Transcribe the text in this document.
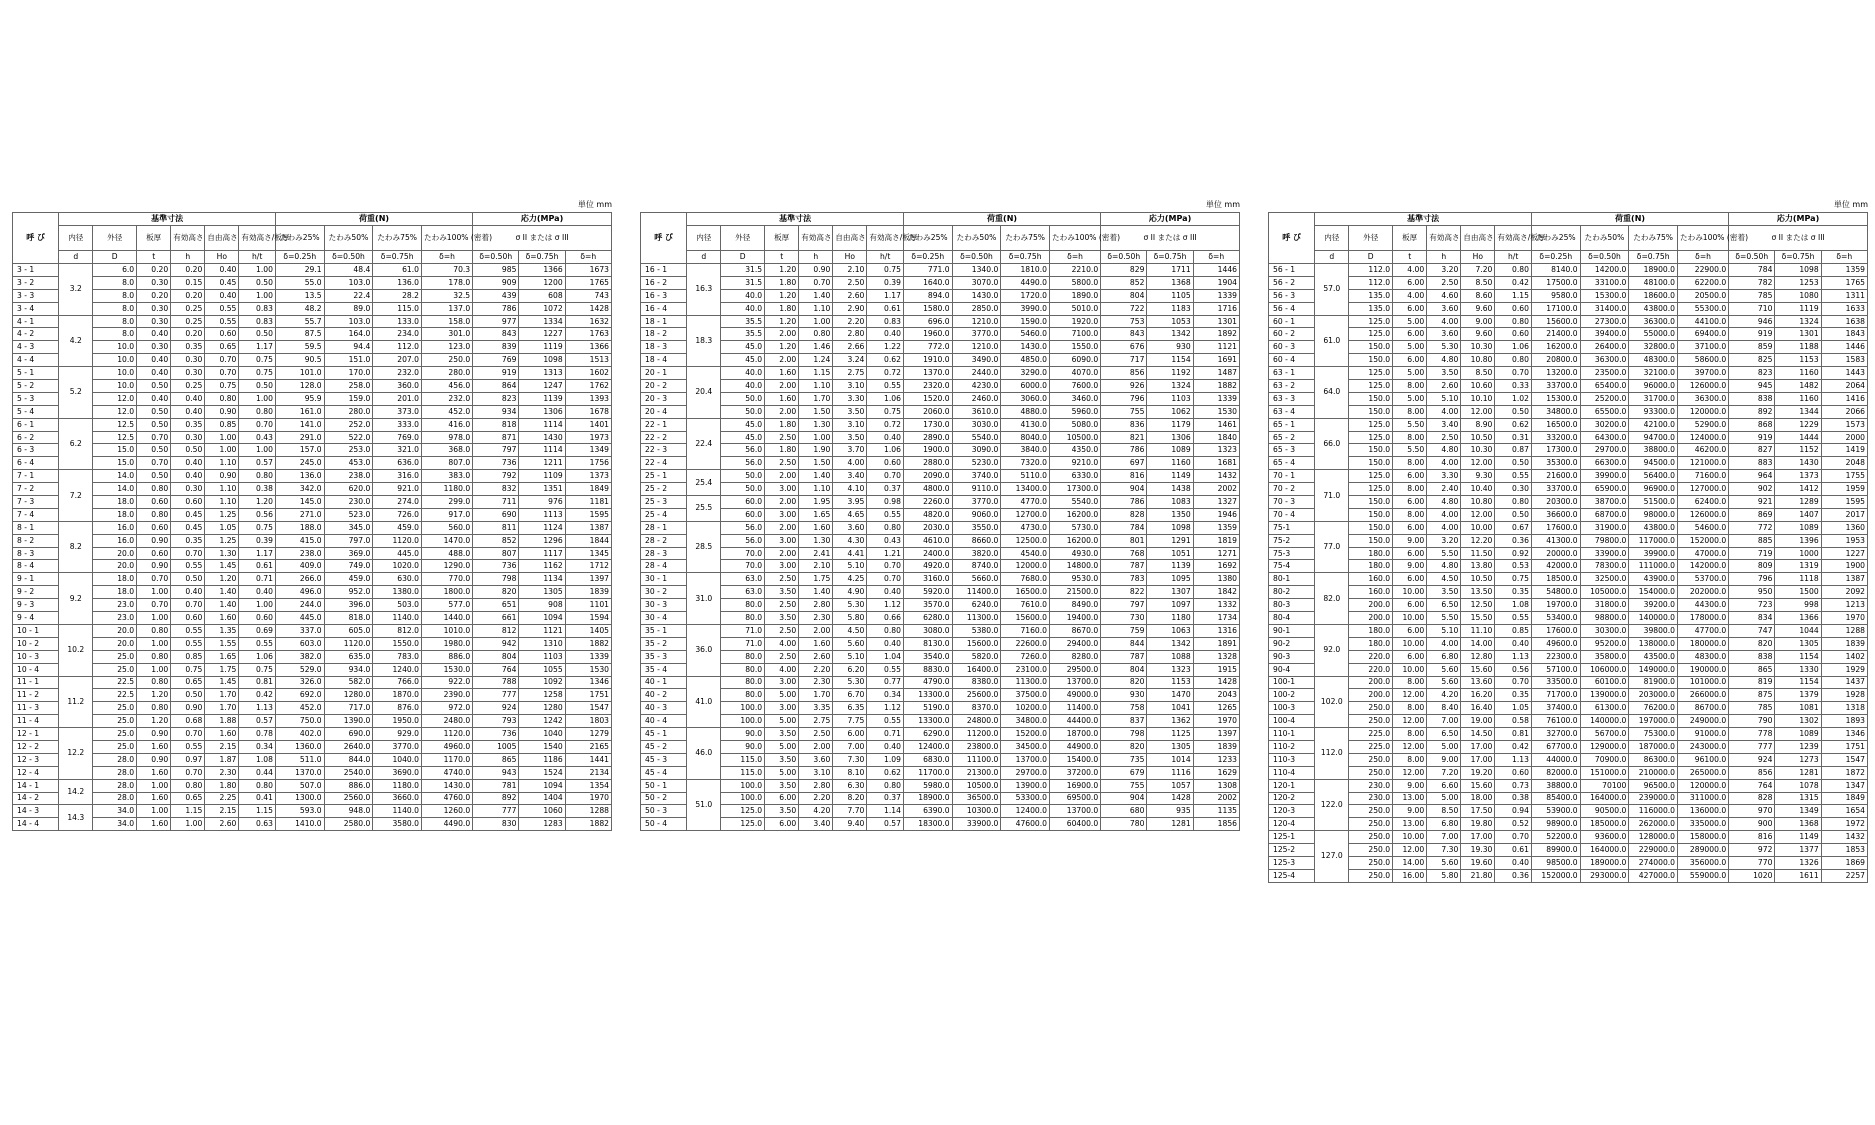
単位 mm
呼 び	基準寸法						荷重(N)				応力(MPa)		
	内径	外径	板厚	有効高さ	自由高さ	有効高さ/板厚	たわみ25%	たわみ50%	たわみ75%	たわみ100% (密着)	σ II または σ III		
	d	D	t	h	Ho	h/t	δ=0.25h	δ=0.50h	δ=0.75h	δ=h	δ=0.50h	δ=0.75h	δ=h
3 - 1	3.2	6.0	0.20	0.20	0.40	1.00	29.1	48.4	61.0	70.3	985	1366	1673
3 - 2		8.0	0.30	0.15	0.45	0.50	55.0	103.0	136.0	178.0	909	1200	1765
3 - 3		8.0	0.20	0.20	0.40	1.00	13.5	22.4	28.2	32.5	439	608	743
3 - 4		8.0	0.30	0.25	0.55	0.83	48.2	89.0	115.0	137.0	786	1072	1428
4 - 1	4.2	8.0	0.30	0.25	0.55	0.83	55.7	103.0	133.0	158.0	977	1334	1632
4 - 2		8.0	0.40	0.20	0.60	0.50	87.5	164.0	234.0	301.0	843	1227	1763
4 - 3		10.0	0.30	0.35	0.65	1.17	59.5	94.4	112.0	123.0	839	1119	1366
4 - 4		10.0	0.40	0.30	0.70	0.75	90.5	151.0	207.0	250.0	769	1098	1513
5 - 1	5.2	10.0	0.40	0.30	0.70	0.75	101.0	170.0	232.0	280.0	919	1313	1602
5 - 2		10.0	0.50	0.25	0.75	0.50	128.0	258.0	360.0	456.0	864	1247	1762
5 - 3		12.0	0.40	0.40	0.80	1.00	95.9	159.0	201.0	232.0	823	1139	1393
5 - 4		12.0	0.50	0.40	0.90	0.80	161.0	280.0	373.0	452.0	934	1306	1678
6 - 1	6.2	12.5	0.50	0.35	0.85	0.70	141.0	252.0	333.0	416.0	818	1114	1401
6 - 2		12.5	0.70	0.30	1.00	0.43	291.0	522.0	769.0	978.0	871	1430	1973
6 - 3		15.0	0.50	0.50	1.00	1.00	157.0	253.0	321.0	368.0	797	1114	1349
6 - 4		15.0	0.70	0.40	1.10	0.57	245.0	453.0	636.0	807.0	736	1211	1756
7 - 1	7.2	14.0	0.50	0.40	0.90	0.80	136.0	238.0	316.0	383.0	792	1109	1373
7 - 2		14.0	0.80	0.30	1.10	0.38	342.0	620.0	921.0	1180.0	832	1351	1849
7 - 3		18.0	0.60	0.60	1.10	1.20	145.0	230.0	274.0	299.0	711	976	1181
7 - 4		18.0	0.80	0.45	1.25	0.56	271.0	523.0	726.0	917.0	690	1113	1595
8 - 1	8.2	16.0	0.60	0.45	1.05	0.75	188.0	345.0	459.0	560.0	811	1124	1387
8 - 2		16.0	0.90	0.35	1.25	0.39	415.0	797.0	1120.0	1470.0	852	1296	1844
8 - 3		20.0	0.60	0.70	1.30	1.17	238.0	369.0	445.0	488.0	807	1117	1345
8 - 4		20.0	0.90	0.55	1.45	0.61	409.0	749.0	1020.0	1290.0	736	1162	1712
9 - 1	9.2	18.0	0.70	0.50	1.20	0.71	266.0	459.0	630.0	770.0	798	1134	1397
9 - 2		18.0	1.00	0.40	1.40	0.40	496.0	952.0	1380.0	1800.0	820	1305	1839
9 - 3		23.0	0.70	0.70	1.40	1.00	244.0	396.0	503.0	577.0	651	908	1101
9 - 4		23.0	1.00	0.60	1.60	0.60	445.0	818.0	1140.0	1440.0	661	1094	1594
10 - 1	10.2	20.0	0.80	0.55	1.35	0.69	337.0	605.0	812.0	1010.0	812	1121	1405
10 - 2		20.0	1.00	0.55	1.55	0.55	603.0	1120.0	1550.0	1980.0	942	1310	1882
10 - 3		25.0	0.80	0.85	1.65	1.06	382.0	635.0	783.0	886.0	804	1103	1339
10 - 4		25.0	1.00	0.75	1.75	0.75	529.0	934.0	1240.0	1530.0	764	1055	1530
11 - 1	11.2	22.5	0.80	0.65	1.45	0.81	326.0	582.0	766.0	922.0	788	1092	1346
11 - 2		22.5	1.20	0.50	1.70	0.42	692.0	1280.0	1870.0	2390.0	777	1258	1751
11 - 3		25.0	0.80	0.90	1.70	1.13	452.0	717.0	876.0	972.0	924	1280	1547
11 - 4		25.0	1.20	0.68	1.88	0.57	750.0	1390.0	1950.0	2480.0	793	1242	1803
12 - 1	12.2	25.0	0.90	0.70	1.60	0.78	402.0	690.0	929.0	1120.0	736	1040	1279
12 - 2		25.0	1.60	0.55	2.15	0.34	1360.0	2640.0	3770.0	4960.0	1005	1540	2165
12 - 3		28.0	0.90	0.97	1.87	1.08	511.0	844.0	1040.0	1170.0	865	1186	1441
12 - 4		28.0	1.60	0.70	2.30	0.44	1370.0	2540.0	3690.0	4740.0	943	1524	2134
14 - 1	14.2	28.0	1.00	0.80	1.80	0.80	507.0	886.0	1180.0	1430.0	781	1094	1354
14 - 2		28.0	1.60	0.65	2.25	0.41	1300.0	2560.0	3660.0	4760.0	892	1404	1970
14 - 3	14.3	34.0	1.00	1.15	2.15	1.15	593.0	948.0	1140.0	1260.0	777	1060	1288
14 - 4		34.0	1.60	1.00	2.60	0.63	1410.0	2580.0	3580.0	4490.0	830	1283	1882
単位 mm
呼 び	基準寸法						荷重(N)				応力(MPa)		
	内径	外径	板厚	有効高さ	自由高さ	有効高さ/板厚	たわみ25%	たわみ50%	たわみ75%	たわみ100% (密着)	σ II または σ III		
	d	D	t	h	Ho	h/t	δ=0.25h	δ=0.50h	δ=0.75h	δ=h	δ=0.50h	δ=0.75h	δ=h
16 - 1	16.3	31.5	1.20	0.90	2.10	0.75	771.0	1340.0	1810.0	2210.0	829	1711	1446
16 - 2		31.5	1.80	0.70	2.50	0.39	1640.0	3070.0	4490.0	5800.0	852	1368	1904
16 - 3		40.0	1.20	1.40	2.60	1.17	894.0	1430.0	1720.0	1890.0	804	1105	1339
16 - 4		40.0	1.80	1.10	2.90	0.61	1580.0	2850.0	3990.0	5010.0	722	1183	1716
18 - 1	18.3	35.5	1.20	1.00	2.20	0.83	696.0	1210.0	1590.0	1920.0	753	1053	1301
18 - 2		35.5	2.00	0.80	2.80	0.40	1960.0	3770.0	5460.0	7100.0	843	1342	1892
18 - 3		45.0	1.20	1.46	2.66	1.22	772.0	1210.0	1430.0	1550.0	676	930	1121
18 - 4		45.0	2.00	1.24	3.24	0.62	1910.0	3490.0	4850.0	6090.0	717	1154	1691
20 - 1	20.4	40.0	1.60	1.15	2.75	0.72	1370.0	2440.0	3290.0	4070.0	856	1192	1487
20 - 2		40.0	2.00	1.10	3.10	0.55	2320.0	4230.0	6000.0	7600.0	926	1324	1882
20 - 3		50.0	1.60	1.70	3.30	1.06	1520.0	2460.0	3060.0	3460.0	796	1103	1339
20 - 4		50.0	2.00	1.50	3.50	0.75	2060.0	3610.0	4880.0	5960.0	755	1062	1530
22 - 1	22.4	45.0	1.80	1.30	3.10	0.72	1730.0	3030.0	4130.0	5080.0	836	1179	1461
22 - 2		45.0	2.50	1.00	3.50	0.40	2890.0	5540.0	8040.0	10500.0	821	1306	1840
22 - 3		56.0	1.80	1.90	3.70	1.06	1900.0	3090.0	3840.0	4350.0	786	1089	1323
22 - 4		56.0	2.50	1.50	4.00	0.60	2880.0	5230.0	7320.0	9210.0	697	1160	1681
25 - 1	25.4	50.0	2.00	1.40	3.40	0.70	2090.0	3740.0	5110.0	6330.0	816	1149	1432
25 - 2		50.0	3.00	1.10	4.10	0.37	4800.0	9110.0	13400.0	17300.0	904	1438	2002
25 - 3	25.5	60.0	2.00	1.95	3.95	0.98	2260.0	3770.0	4770.0	5540.0	786	1083	1327
25 - 4		60.0	3.00	1.65	4.65	0.55	4820.0	9060.0	12700.0	16200.0	828	1350	1946
28 - 1	28.5	56.0	2.00	1.60	3.60	0.80	2030.0	3550.0	4730.0	5730.0	784	1098	1359
28 - 2		56.0	3.00	1.30	4.30	0.43	4610.0	8660.0	12500.0	16200.0	801	1291	1819
28 - 3		70.0	2.00	2.41	4.41	1.21	2400.0	3820.0	4540.0	4930.0	768	1051	1271
28 - 4		70.0	3.00	2.10	5.10	0.70	4920.0	8740.0	12000.0	14800.0	787	1139	1692
30 - 1	31.0	63.0	2.50	1.75	4.25	0.70	3160.0	5660.0	7680.0	9530.0	783	1095	1380
30 - 2		63.0	3.50	1.40	4.90	0.40	5920.0	11400.0	16500.0	21500.0	822	1307	1842
30 - 3		80.0	2.50	2.80	5.30	1.12	3570.0	6240.0	7610.0	8490.0	797	1097	1332
30 - 4		80.0	3.50	2.30	5.80	0.66	6280.0	11300.0	15600.0	19400.0	730	1180	1734
35 - 1	36.0	71.0	2.50	2.00	4.50	0.80	3080.0	5380.0	7160.0	8670.0	759	1063	1316
35 - 2		71.0	4.00	1.60	5.60	0.40	8130.0	15600.0	22600.0	29400.0	844	1342	1891
35 - 3		80.0	2.50	2.60	5.10	1.04	3540.0	5820.0	7260.0	8280.0	787	1088	1328
35 - 4		80.0	4.00	2.20	6.20	0.55	8830.0	16400.0	23100.0	29500.0	804	1323	1915
40 - 1	41.0	80.0	3.00	2.30	5.30	0.77	4790.0	8380.0	11300.0	13700.0	820	1153	1428
40 - 2		80.0	5.00	1.70	6.70	0.34	13300.0	25600.0	37500.0	49000.0	930	1470	2043
40 - 3		100.0	3.00	3.35	6.35	1.12	5190.0	8370.0	10200.0	11400.0	758	1041	1265
40 - 4		100.0	5.00	2.75	7.75	0.55	13300.0	24800.0	34800.0	44400.0	837	1362	1970
45 - 1	46.0	90.0	3.50	2.50	6.00	0.71	6290.0	11200.0	15200.0	18700.0	798	1125	1397
45 - 2		90.0	5.00	2.00	7.00	0.40	12400.0	23800.0	34500.0	44900.0	820	1305	1839
45 - 3		115.0	3.50	3.60	7.30	1.09	6830.0	11100.0	13700.0	15400.0	735	1014	1233
45 - 4		115.0	5.00	3.10	8.10	0.62	11700.0	21300.0	29700.0	37200.0	679	1116	1629
50 - 1	51.0	100.0	3.50	2.80	6.30	0.80	5980.0	10500.0	13900.0	16900.0	755	1057	1308
50 - 2		100.0	6.00	2.20	8.20	0.37	18900.0	36500.0	53300.0	69500.0	904	1428	2002
50 - 3		125.0	3.50	4.20	7.70	1.14	6390.0	10300.0	12400.0	13700.0	680	935	1135
50 - 4		125.0	6.00	3.40	9.40	0.57	18300.0	33900.0	47600.0	60400.0	780	1281	1856
単位 mm
呼 び	基準寸法						荷重(N)				応力(MPa)		
	内径	外径	板厚	有効高さ	自由高さ	有効高さ/板厚	たわみ25%	たわみ50%	たわみ75%	たわみ100% (密着)	σ II または σ III		
	d	D	t	h	Ho	h/t	δ=0.25h	δ=0.50h	δ=0.75h	δ=h	δ=0.50h	δ=0.75h	δ=h
56 - 1	57.0	112.0	4.00	3.20	7.20	0.80	8140.0	14200.0	18900.0	22900.0	784	1098	1359
56 - 2		112.0	6.00	2.50	8.50	0.42	17500.0	33100.0	48100.0	62200.0	782	1253	1765
56 - 3		135.0	4.00	4.60	8.60	1.15	9580.0	15300.0	18600.0	20500.0	785	1080	1311
56 - 4		135.0	6.00	3.60	9.60	0.60	17100.0	31400.0	43800.0	55300.0	710	1119	1633
60 - 1	61.0	125.0	5.00	4.00	9.00	0.80	15600.0	27300.0	36300.0	44100.0	946	1324	1638
60 - 2		125.0	6.00	3.60	9.60	0.60	21400.0	39400.0	55000.0	69400.0	919	1301	1843
60 - 3		150.0	5.00	5.30	10.30	1.06	16200.0	26400.0	32800.0	37100.0	859	1188	1446
60 - 4		150.0	6.00	4.80	10.80	0.80	20800.0	36300.0	48300.0	58600.0	825	1153	1583
63 - 1	64.0	125.0	5.00	3.50	8.50	0.70	13200.0	23500.0	32100.0	39700.0	823	1160	1443
63 - 2		125.0	8.00	2.60	10.60	0.33	33700.0	65400.0	96000.0	126000.0	945	1482	2064
63 - 3		150.0	5.00	5.10	10.10	1.02	15300.0	25200.0	31700.0	36300.0	838	1160	1416
63 - 4		150.0	8.00	4.00	12.00	0.50	34800.0	65500.0	93300.0	120000.0	892	1344	2066
65 - 1	66.0	125.0	5.50	3.40	8.90	0.62	16500.0	30200.0	42100.0	52900.0	868	1229	1573
65 - 2		125.0	8.00	2.50	10.50	0.31	33200.0	64300.0	94700.0	124000.0	919	1444	2000
65 - 3		150.0	5.50	4.80	10.30	0.87	17300.0	29700.0	38800.0	46200.0	827	1152	1419
65 - 4		150.0	8.00	4.00	12.00	0.50	35300.0	66300.0	94500.0	121000.0	883	1430	2048
70 - 1	71.0	125.0	6.00	3.30	9.30	0.55	21600.0	39900.0	56400.0	71600.0	964	1373	1755
70 - 2		125.0	8.00	2.40	10.40	0.30	33700.0	65900.0	96900.0	127000.0	902	1412	1959
70 - 3		150.0	6.00	4.80	10.80	0.80	20300.0	38700.0	51500.0	62400.0	921	1289	1595
70 - 4		150.0	8.00	4.00	12.00	0.50	36600.0	68700.0	98000.0	126000.0	869	1407	2017
75-1	77.0	150.0	6.00	4.00	10.00	0.67	17600.0	31900.0	43800.0	54600.0	772	1089	1360
75-2		150.0	9.00	3.20	12.20	0.36	41300.0	79800.0	117000.0	152000.0	885	1396	1953
75-3		180.0	6.00	5.50	11.50	0.92	20000.0	33900.0	39900.0	47000.0	719	1000	1227
75-4		180.0	9.00	4.80	13.80	0.53	42000.0	78300.0	111000.0	142000.0	809	1319	1900
80-1	82.0	160.0	6.00	4.50	10.50	0.75	18500.0	32500.0	43900.0	53700.0	796	1118	1387
80-2		160.0	10.00	3.50	13.50	0.35	54800.0	105000.0	154000.0	202000.0	950	1500	2092
80-3		200.0	6.00	6.50	12.50	1.08	19700.0	31800.0	39200.0	44300.0	723	998	1213
80-4		200.0	10.00	5.50	15.50	0.55	53400.0	98800.0	140000.0	178000.0	834	1366	1970
90-1	92.0	180.0	6.00	5.10	11.10	0.85	17600.0	30300.0	39800.0	47700.0	747	1044	1288
90-2		180.0	10.00	4.00	14.00	0.40	49600.0	95200.0	138000.0	180000.0	820	1305	1839
90-3		220.0	6.00	6.80	12.80	1.13	22300.0	35800.0	43500.0	48300.0	838	1154	1402
90-4		220.0	10.00	5.60	15.60	0.56	57100.0	106000.0	149000.0	190000.0	865	1330	1929
100-1	102.0	200.0	8.00	5.60	13.60	0.70	33500.0	60100.0	81900.0	101000.0	819	1154	1437
100-2		200.0	12.00	4.20	16.20	0.35	71700.0	139000.0	203000.0	266000.0	875	1379	1928
100-3		250.0	8.00	8.40	16.40	1.05	37400.0	61300.0	76200.0	86700.0	785	1081	1318
100-4		250.0	12.00	7.00	19.00	0.58	76100.0	140000.0	197000.0	249000.0	790	1302	1893
110-1	112.0	225.0	8.00	6.50	14.50	0.81	32700.0	56700.0	75300.0	91000.0	778	1089	1346
110-2		225.0	12.00	5.00	17.00	0.42	67700.0	129000.0	187000.0	243000.0	777	1239	1751
110-3		250.0	8.00	9.00	17.00	1.13	44000.0	70900.0	86300.0	96100.0	924	1273	1547
110-4		250.0	12.00	7.20	19.20	0.60	82000.0	151000.0	210000.0	265000.0	856	1281	1872
120-1	122.0	230.0	9.00	6.60	15.60	0.73	38800.0	70100	96500.0	120000.0	764	1078	1347
120-2		230.0	13.00	5.00	18.00	0.38	85400.0	164000.0	239000.0	311000.0	828	1315	1849
120-3		250.0	9.00	8.50	17.50	0.94	53900.0	90500.0	116000.0	136000.0	970	1349	1654
120-4		250.0	13.00	6.80	19.80	0.52	98900.0	185000.0	262000.0	335000.0	900	1368	1972
125-1	127.0	250.0	10.00	7.00	17.00	0.70	52200.0	93600.0	128000.0	158000.0	816	1149	1432
125-2		250.0	12.00	7.30	19.30	0.61	89900.0	164000.0	229000.0	289000.0	972	1377	1853
125-3		250.0	14.00	5.60	19.60	0.40	98500.0	189000.0	274000.0	356000.0	770	1326	1869
125-4		250.0	16.00	5.80	21.80	0.36	152000.0	293000.0	427000.0	559000.0	1020	1611	2257
